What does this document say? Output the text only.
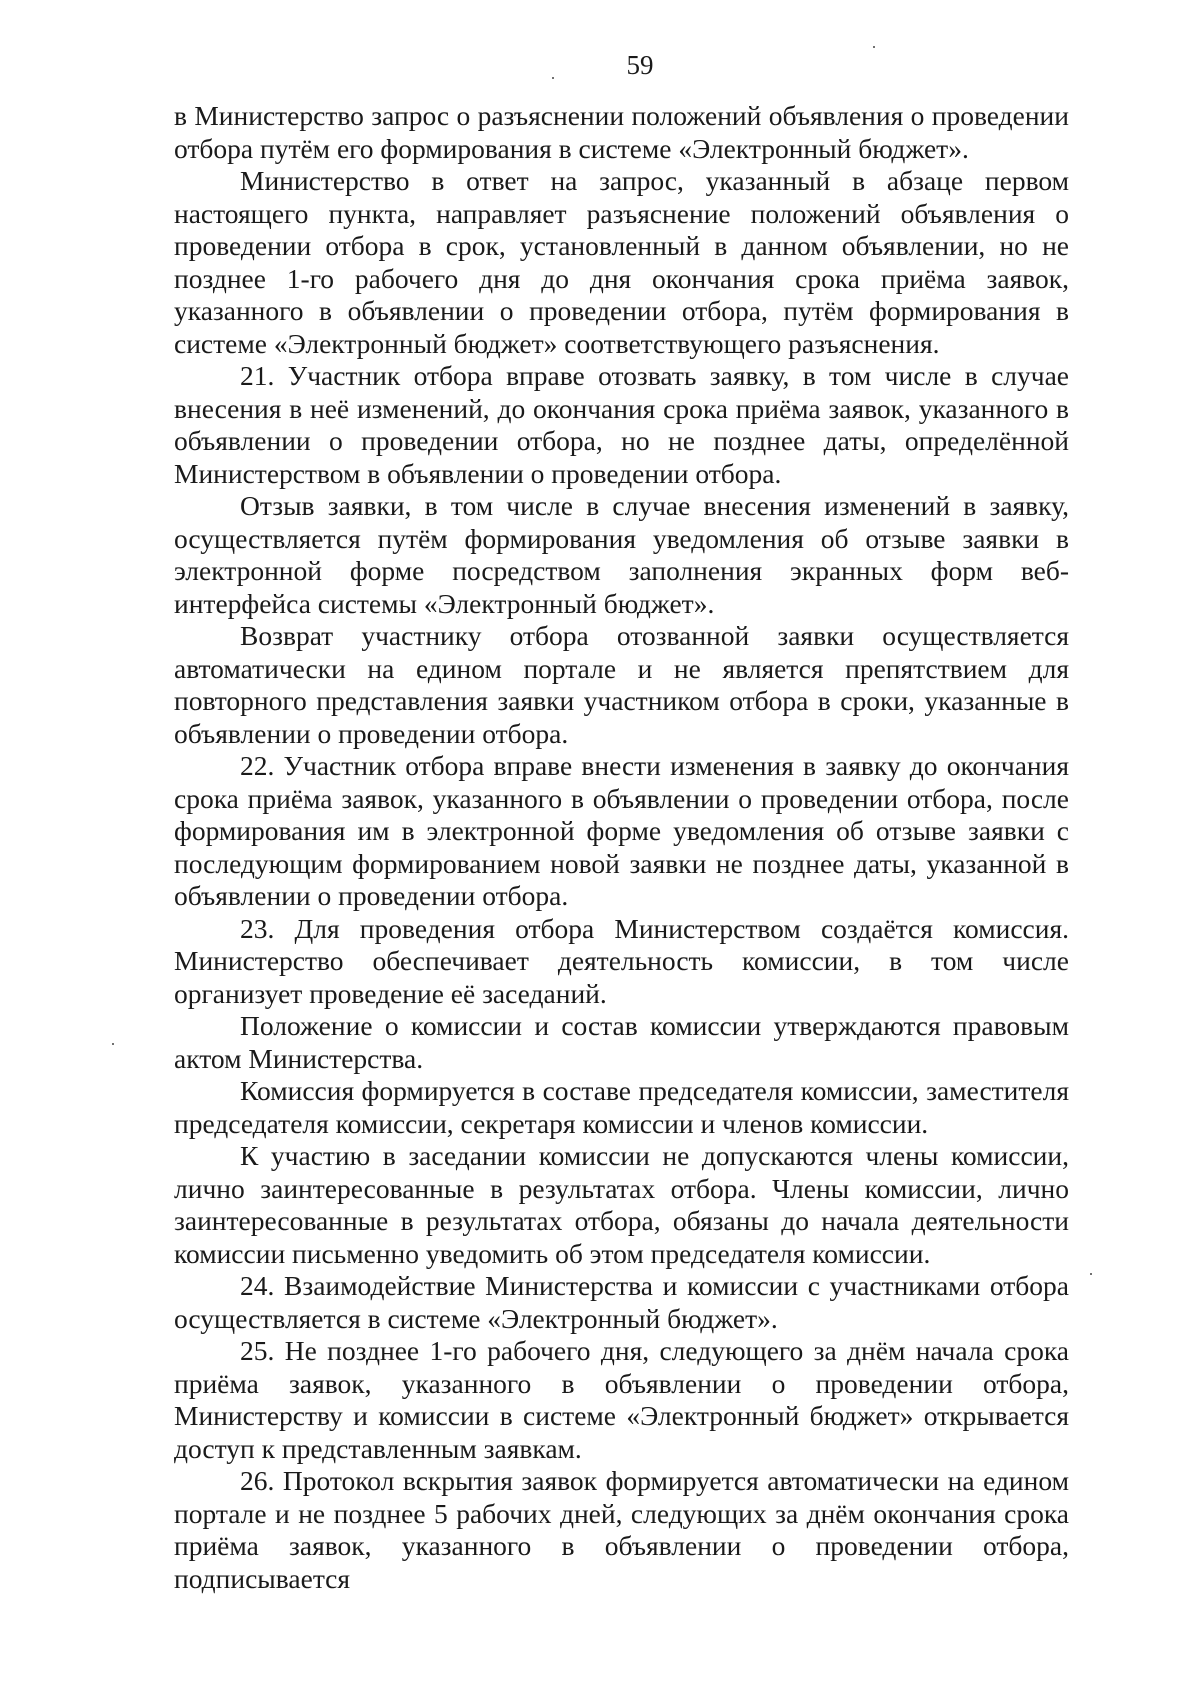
59

в Министерство запрос о разъяснении положений объявления о проведении отбора путём его формирования в системе «Электронный бюджет».

Министерство в ответ на запрос, указанный в абзаце первом настоящего пункта, направляет разъяснение положений объявления о проведении отбора в срок, установленный в данном объявлении, но не позднее 1-го рабочего дня до дня окончания срока приёма заявок, указанного в объявлении о проведении отбора, путём формирования в системе «Электронный бюджет» соответствующего разъяснения.

21. Участник отбора вправе отозвать заявку, в том числе в случае внесения в неё изменений, до окончания срока приёма заявок, указанного в объявлении о проведении отбора, но не позднее даты, определённой Министерством в объявлении о проведении отбора.

Отзыв заявки, в том числе в случае внесения изменений в заявку, осуществляется путём формирования уведомления об отзыве заявки в электронной форме посредством заполнения экранных форм веб-интерфейса системы «Электронный бюджет».

Возврат участнику отбора отозванной заявки осуществляется автоматически на едином портале и не является препятствием для повторного представления заявки участником отбора в сроки, указанные в объявлении о проведении отбора.

22. Участник отбора вправе внести изменения в заявку до окончания срока приёма заявок, указанного в объявлении о проведении отбора, после формирования им в электронной форме уведомления об отзыве заявки с последующим формированием новой заявки не позднее даты, указанной в объявлении о проведении отбора.

23. Для проведения отбора Министерством создаётся комиссия. Министерство обеспечивает деятельность комиссии, в том числе организует проведение её заседаний.

Положение о комиссии и состав комиссии утверждаются правовым актом Министерства.

Комиссия формируется в составе председателя комиссии, заместителя председателя комиссии, секретаря комиссии и членов комиссии.

К участию в заседании комиссии не допускаются члены комиссии, лично заинтересованные в результатах отбора. Члены комиссии, лично заинтересованные в результатах отбора, обязаны до начала деятельности комиссии письменно уведомить об этом председателя комиссии.

24. Взаимодействие Министерства и комиссии с участниками отбора осуществляется в системе «Электронный бюджет».

25. Не позднее 1-го рабочего дня, следующего за днём начала срока приёма заявок, указанного в объявлении о проведении отбора, Министерству и комиссии в системе «Электронный бюджет» открывается доступ к представленным заявкам.

26. Протокол вскрытия заявок формируется автоматически на едином портале и не позднее 5 рабочих дней, следующих за днём окончания срока приёма заявок, указанного в объявлении о проведении отбора, подписывается
